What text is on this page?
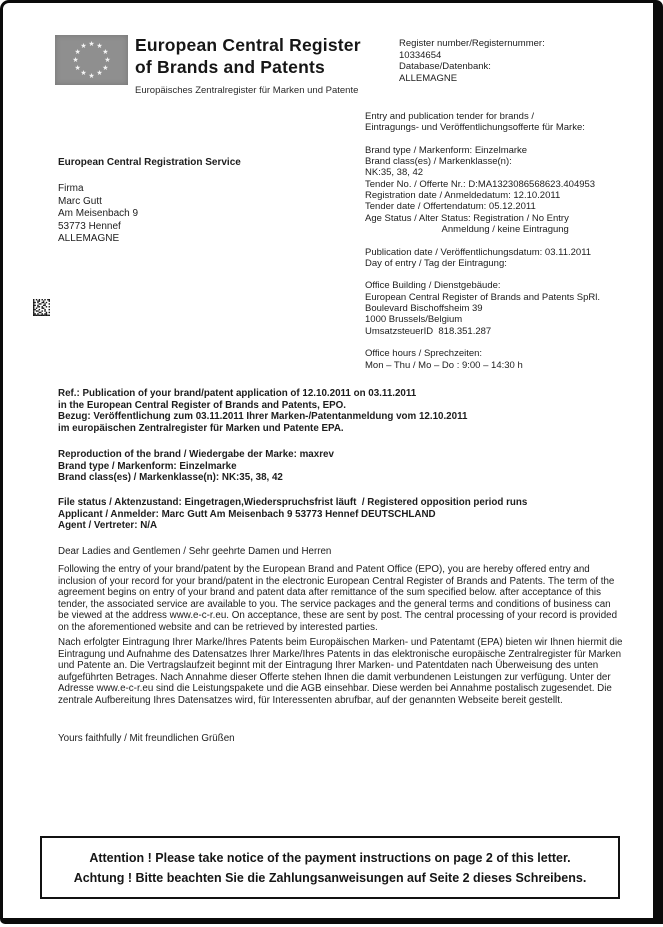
★ ★
★
★
★
★
★
★
★
★
★
★	European Central Register
of Brands and Patents
Europäisches Zentralregister für Marken und Patente
Register number/Registernummer:
10334654
Database/Datenbank:
ALLEMAGNE
Entry and publication tender for brands /
Eintragungs- und Veröffentlichungsofferte für Marke:

Brand type / Markenform: Einzelmarke
Brand class(es) / Markenklasse(n):
NK:35, 38, 42
Tender No. / Offerte Nr.: D:MA1323086568623.404953
Registration date / Anmeldedatum: 12.10.2011
Tender date / Offertendatum: 05.12.2011
Age Status / Alter Status: Registration / No Entry
Anmeldung / keine Eintragung

Publication date / Veröffentlichungsdatum: 03.11.2011
Day of entry / Tag der Eintragung:

Office Building / Dienstgebäude:
European Central Register of Brands and Patents SpRl.
Boulevard Bischoffsheim 39
1000 Brussels/Belgium
UmsatzsteuerID  818.351.287

Office hours / Sprechzeiten:
Mon – Thu / Mo – Do : 9:00 – 14:30 h
European Central Registration Service
Firma
Marc Gutt
Am Meisenbach 9
53773 Hennef
ALLEMAGNE
Ref.: Publication of your brand/patent application of 12.10.2011 on 03.11.2011
in the European Central Register of Brands and Patents, EPO.
Bezug: Veröffentlichung zum 03.11.2011 Ihrer Marken-/Patentanmeldung vom 12.10.2011
im europäischen Zentralregister für Marken und Patente EPA.
Reproduction of the brand / Wiedergabe der Marke: maxrev
Brand type / Markenform: Einzelmarke
Brand class(es) / Markenklasse(n): NK:35, 38, 42
File status / Aktenzustand: Eingetragen,Wiederspruchsfrist läuft  / Registered opposition period runs
Applicant / Anmelder: Marc Gutt Am Meisenbach 9 53773 Hennef DEUTSCHLAND
Agent / Vertreter: N/A
Dear Ladies and Gentlemen / Sehr geehrte Damen und Herren
Following the entry of your brand/patent by the European Brand and Patent Office (EPO), you are hereby offered entry and inclusion of your record for your brand/patent in the electronic European Central Register of Brands and Patents. The term of the agreement begins on entry of your brand and patent data after remittance of the sum specified below. after acceptance of this tender, the associated service are available to you. The service packages and the general terms and conditions of business can be viewed at the address www.e-c-r.eu. On acceptance, these are sent by post. The central processing of your record is provided on the aforementioned website and can be retrieved by interested parties.
Nach erfolgter Eintragung Ihrer Marke/Ihres Patents beim Europäischen Marken- und Patentamt (EPA) bieten wir Ihnen hiermit die Eintragung und Aufnahme des Datensatzes Ihrer Marke/Ihres Patents in das elektronische europäische Zentralregister für Marken und Patente an. Die Vertragslaufzeit beginnt mit der Eintragung Ihrer Marken- und Patentdaten nach Überweisung des unten aufgeführten Betrages. Nach Annahme dieser Offerte stehen Ihnen die damit verbundenen Leistungen zur verfügung. Unter der Adresse www.e-c-r.eu sind die Leistungspakete und die AGB einsehbar. Diese werden bei Annahme postalisch zugesendet. Die zentrale Aufbereitung Ihres Datensatzes wird, für Interessenten abrufbar, auf der genannten Webseite bereit gestellt.
Yours faithfully / Mit freundlichen Grüßen
Attention ! Please take notice of the payment instructions on page 2 of this letter.
Achtung ! Bitte beachten Sie die Zahlungsanweisungen auf Seite 2 dieses Schreibens.
